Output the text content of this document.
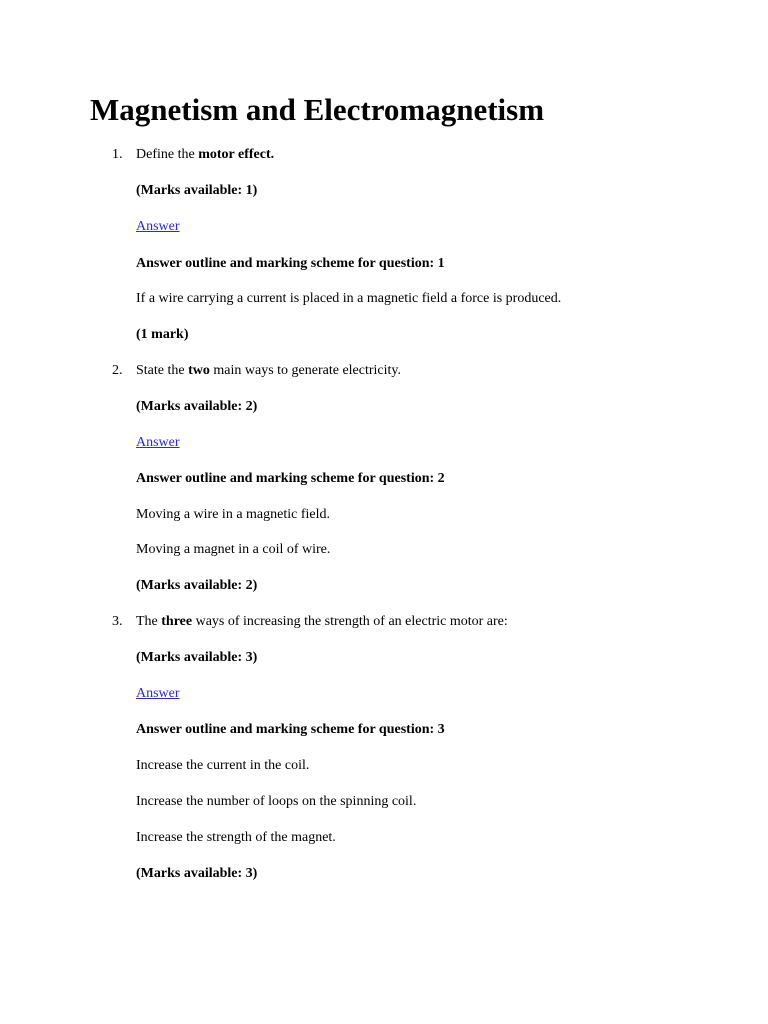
Magnetism and Electromagnetism
1. Define the motor effect.
(Marks available: 1)
Answer
Answer outline and marking scheme for question: 1
If a wire carrying a current is placed in a magnetic field a force is produced.
(1 mark)
2. State the two main ways to generate electricity.
(Marks available: 2)
Answer
Answer outline and marking scheme for question: 2
Moving a wire in a magnetic field.
Moving a magnet in a coil of wire.
(Marks available: 2)
3. The three ways of increasing the strength of an electric motor are:
(Marks available: 3)
Answer
Answer outline and marking scheme for question: 3
Increase the current in the coil.
Increase the number of loops on the spinning coil.
Increase the strength of the magnet.
(Marks available: 3)
